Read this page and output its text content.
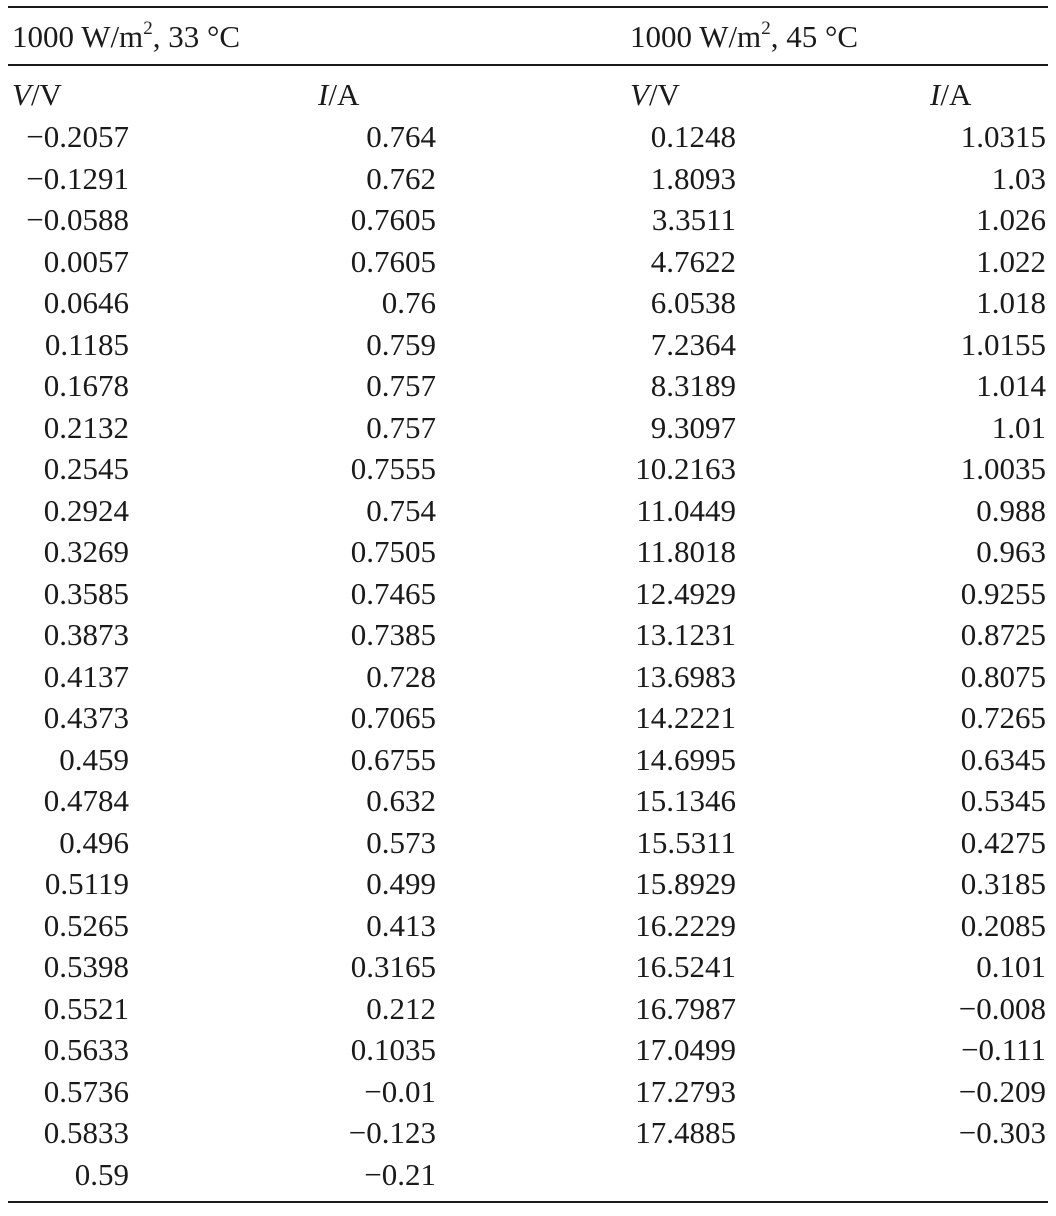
1000 $W/m^2$, 33 °C	1000 $W/m^2$, 45 °C
V/V	I/A	V/V	I/A
−0.2057	0.764	0.1248	1.0315
−0.1291	0.762	1.8093	1.03
−0.0588	0.7605	3.3511	1.026
0.0057	0.7605	4.7622	1.022
0.0646	0.76	6.0538	1.018
0.1185	0.759	7.2364	1.0155
0.1678	0.757	8.3189	1.014
0.2132	0.757	9.3097	1.01
0.2545	0.7555	10.2163	1.0035
0.2924	0.754	11.0449	0.988
0.3269	0.7505	11.8018	0.963
0.3585	0.7465	12.4929	0.9255
0.3873	0.7385	13.1231	0.8725
0.4137	0.728	13.6983	0.8075
0.4373	0.7065	14.2221	0.7265
0.459	0.6755	14.6995	0.6345
0.4784	0.632	15.1346	0.5345
0.496	0.573	15.5311	0.4275
0.5119	0.499	15.8929	0.3185
0.5265	0.413	16.2229	0.2085
0.5398	0.3165	16.5241	0.101
0.5521	0.212	16.7987	−0.008
0.5633	0.1035	17.0499	−0.111
0.5736	−0.01	17.2793	−0.209
0.5833	−0.123	17.4885	−0.303
0.59	−0.21
